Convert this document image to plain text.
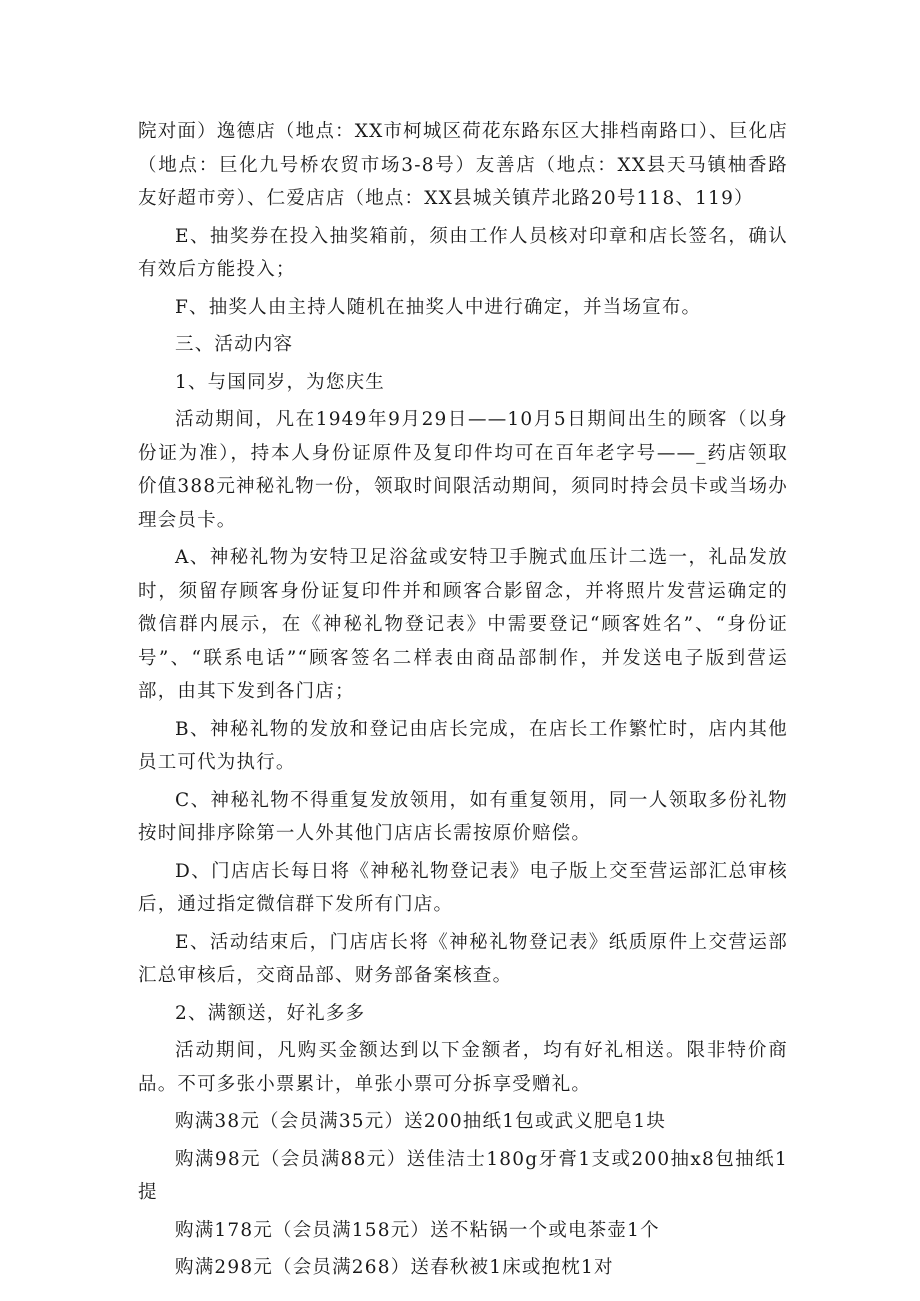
院对面）逸德店（地点：XX市柯城区荷花东路东区大排档南路口）、巨化店（地点：巨化九号桥农贸市场3-8号）友善店（地点：XX县天马镇柚香路友好超市旁）、仁爱店店（地点：XX县城关镇芹北路20号118、119）

E、抽奖券在投入抽奖箱前，须由工作人员核对印章和店长签名，确认有效后方能投入；

F、抽奖人由主持人随机在抽奖人中进行确定，并当场宣布。

三、活动内容

1、与国同岁，为您庆生

活动期间，凡在1949年9月29日——10月5日期间出生的顾客（以身份证为准），持本人身份证原件及复印件均可在百年老字号——_药店领取价值388元神秘礼物一份，领取时间限活动期间，须同时持会员卡或当场办理会员卡。

A、神秘礼物为安特卫足浴盆或安特卫手腕式血压计二选一，礼品发放时，须留存顾客身份证复印件并和顾客合影留念，并将照片发营运确定的微信群内展示，在《神秘礼物登记表》中需要登记“顾客姓名”、“身份证号”、“联系电话”“顾客签名二样表由商品部制作，并发送电子版到营运部，由其下发到各门店；

B、神秘礼物的发放和登记由店长完成，在店长工作繁忙时，店内其他员工可代为执行。

C、神秘礼物不得重复发放领用，如有重复领用，同一人领取多份礼物按时间排序除第一人外其他门店店长需按原价赔偿。

D、门店店长每日将《神秘礼物登记表》电子版上交至营运部汇总审核后，通过指定微信群下发所有门店。

E、活动结束后，门店店长将《神秘礼物登记表》纸质原件上交营运部汇总审核后，交商品部、财务部备案核查。

2、满额送，好礼多多

活动期间，凡购买金额达到以下金额者，均有好礼相送。限非特价商品。不可多张小票累计，单张小票可分拆享受赠礼。

购满38元（会员满35元）送200抽纸1包或武义肥皂1块

购满98元（会员满88元）送佳洁士180g牙膏1支或200抽x8包抽纸1提

购满178元（会员满158元）送不粘锅一个或电茶壶1个

购满298元（会员满268）送春秋被1床或抱枕1对
